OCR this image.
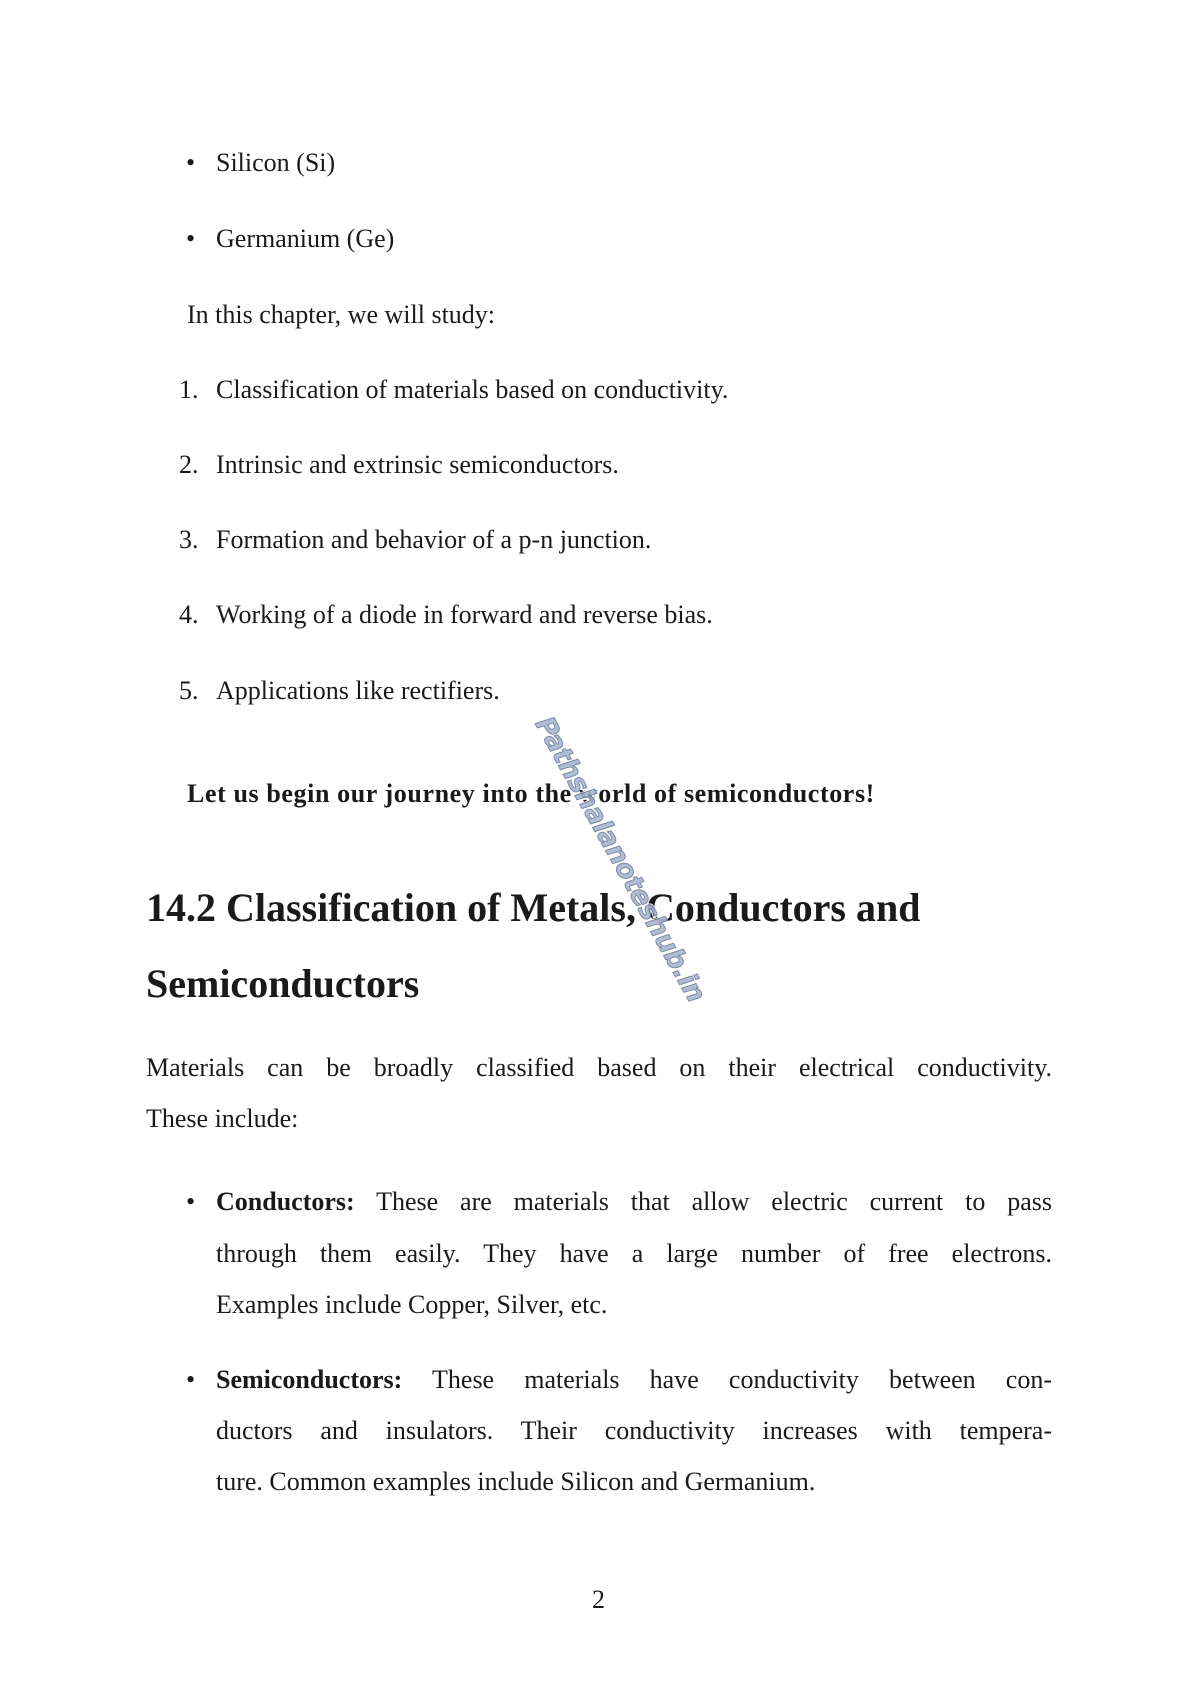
• Silicon (Si)
• Germanium (Ge)
In this chapter, we will study:
1. Classification of materials based on conductivity.
2. Intrinsic and extrinsic semiconductors.
3. Formation and behavior of a p-n junction.
4. Working of a diode in forward and reverse bias.
5. Applications like rectifiers.
Let us begin our journey into the world of semiconductors!
14.2 Classification of Metals, Conductors and
Semiconductors
Materials can be broadly classified based on their electrical conductivity.
These include:
• Conductors: These are materials that allow electric current to pass
through them easily. They have a large number of free electrons.
Examples include Copper, Silver, etc.
• Semiconductors: These materials have conductivity between con-
ductors and insulators. Their conductivity increases with tempera-
ture. Common examples include Silicon and Germanium.
2
Pathshalanoteshub.in
